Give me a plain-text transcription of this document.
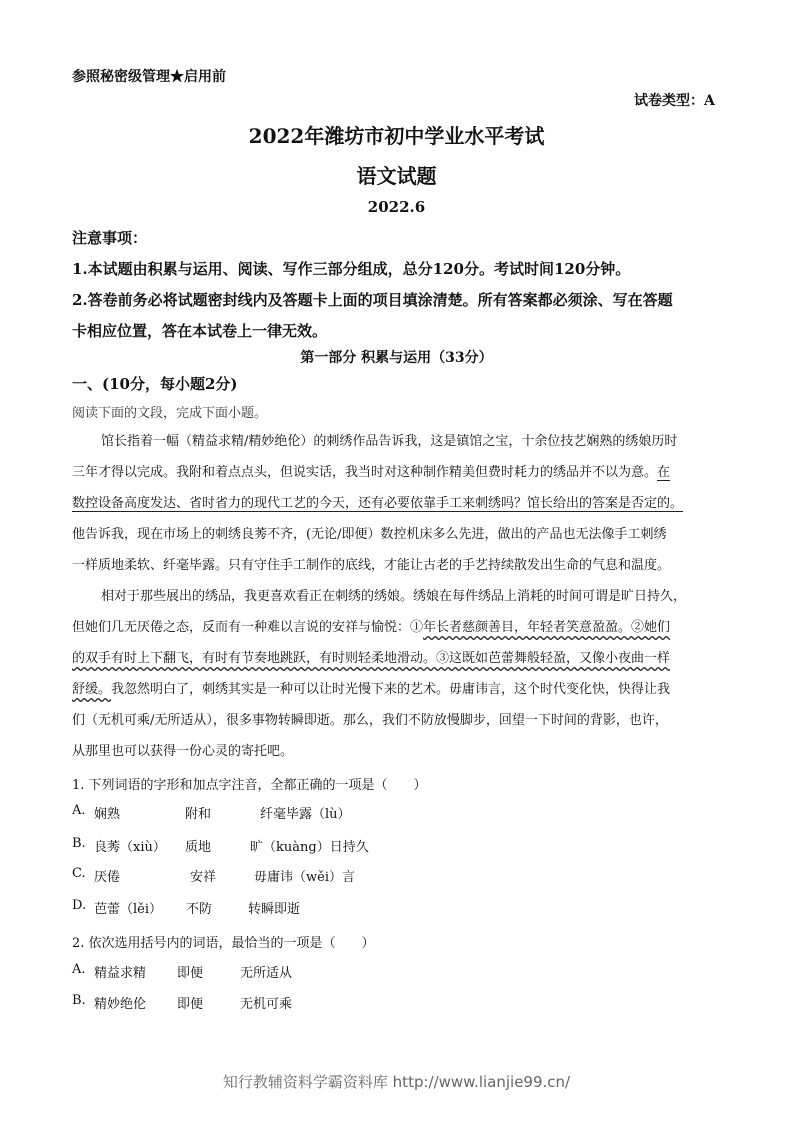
参照秘密级管理★启用前
试卷类型：A
2022年潍坊市初中学业水平考试
语文试题
2022.6
注意事项：
1.本试题由积累与运用、阅读、写作三部分组成，总分120分。考试时间120分钟。
2.答卷前务必将试题密封线内及答题卡上面的项目填涂清楚。所有答案都必须涂、写在答题
卡相应位置，答在本试卷上一律无效。
第一部分 积累与运用（33分）
一、(10分，每小题2分)
阅读下面的文段，完成下面小题。
馆长指着一幅（精益求精/精妙绝伦）的刺绣作品告诉我，这是镇馆之宝，十余位技艺娴熟的绣娘历时
三年才得以完成。我附和着点点头，但说实话，我当时对这种制作精美但费时耗力的绣品并不以为意。在
数控设备高度发达、省时省力的现代工艺的今天，还有必要依靠手工来刺绣吗？馆长给出的答案是否定的。
他告诉我，现在市场上的刺绣良莠不齐，(无论/即便）数控机床多么先进，做出的产品也无法像手工刺绣
一样质地柔软、纤毫毕露。只有守住手工制作的底线，才能让古老的手艺持续散发出生命的气息和温度。
相对于那些展出的绣品，我更喜欢看正在刺绣的绣娘。绣娘在每件绣品上消耗的时间可谓是旷日持久，
但她们几无厌倦之态，反而有一种难以言说的安祥与愉悦：①年长者慈颜善目，年轻者笑意盈盈。②她们
的双手有时上下翻飞，有时有节奏地跳跃，有时则轻柔地滑动。③这既如芭蕾舞般轻盈，又像小夜曲一样
舒缓。我忽然明白了，刺绣其实是一种可以让时光慢下来的艺术。毋庸讳言，这个时代变化快，快得让我
们（无机可乘/无所适从），很多事物转瞬即逝。那么，我们不防放慢脚步，回望一下时间的背影，也许，
从那里也可以获得一份心灵的寄托吧。
1. 下列词语的字形和加点字注音，全都正确的一项是（　　）
A. 娴熟	附和	纤毫毕露（lù）
B. 良莠（xiù） 质地	旷（kuàng）日持久
C. 厌倦	安祥	毋庸讳（wěi）言
D. 芭蕾（lěi） 不防	转瞬即逝
2. 依次选用括号内的词语，最恰当的一项是（　　）
A. 精益求精 即便	无所适从
B. 精妙绝伦 即便	无机可乘
知行教辅资料学霸资料库 http://www.lianjie99.cn/
